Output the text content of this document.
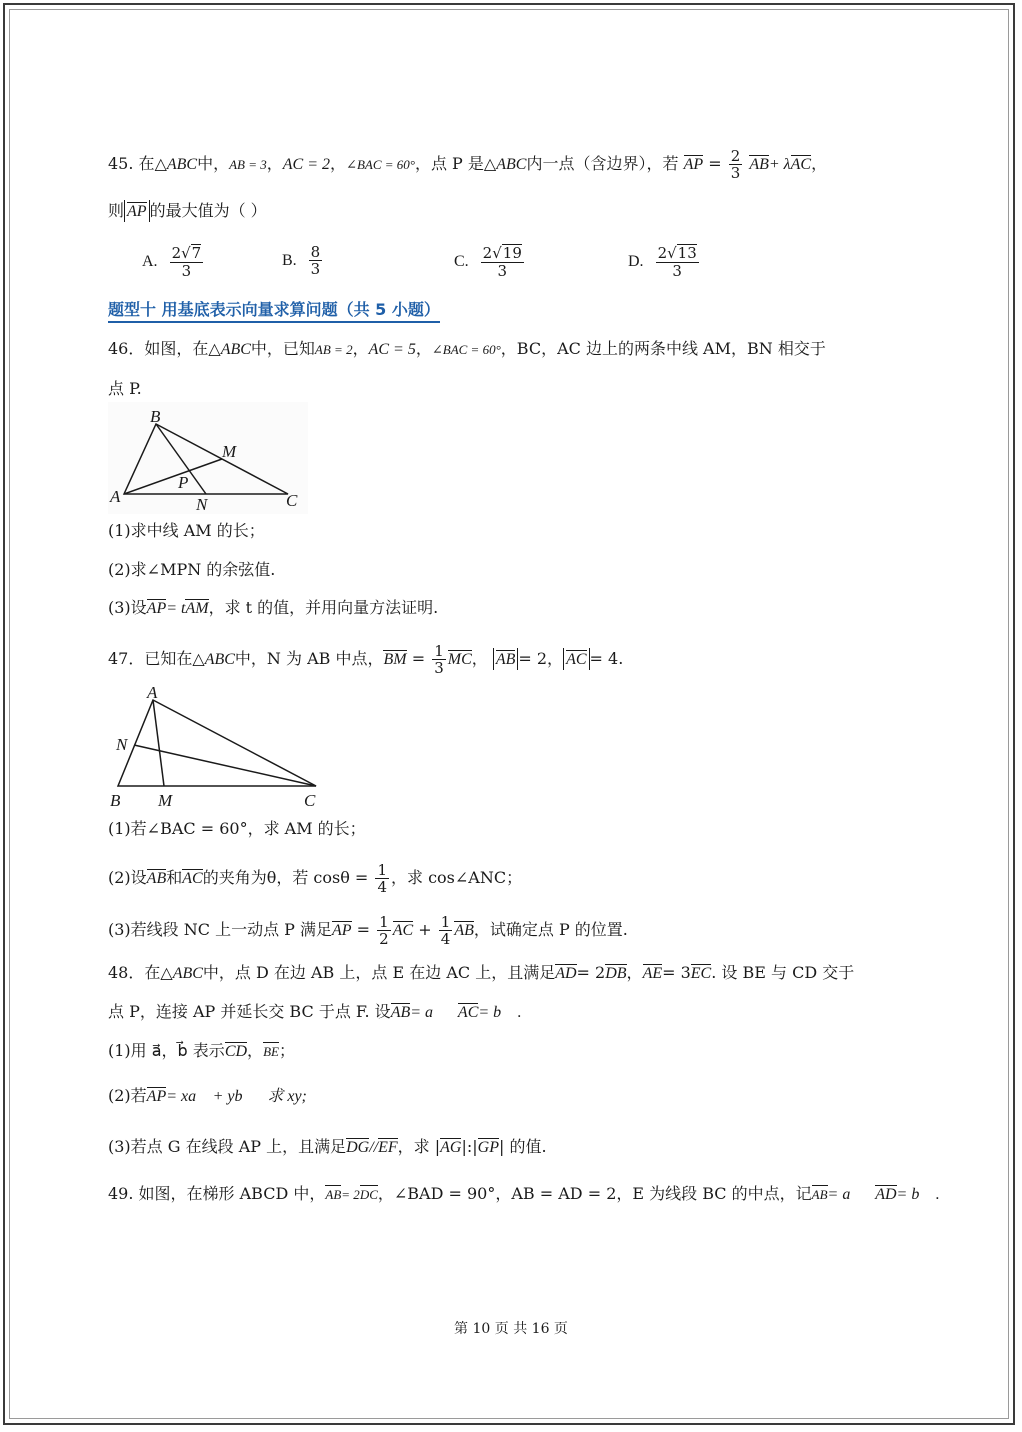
45. 在△ABC中，AB = 3，AC = 2，∠BAC = 60°，点 P 是△ABC内一点（含边界），若 AP = $\frac{2}{3} AB+ \lambda AC$，
则 AP 的最大值为（ ）
A. $\frac{2√7}{3}$	B. $\frac{8}{3}$	C. $\frac{2√19}{3}$	D. $\frac{2√13}{3}$
题型十 用基底表示向量求算问题（共 5 小题）
46．如图，在△ABC中，已知AB = 2，AC = 5，∠BAC = 60°，BC，AC 边上的两条中线 AM，BN 相交于
点 P.
B
M
P
A	N	C
(1)求中线 AM 的长；
(2)求∠MPN 的余弦值.
(3)设AP= tAM，求 t 的值，并用向量方法证明.
47．已知在△ABC中，N 为 AB 中点，BM = $\frac{1}{3}$ MC， AB = 2， AC = 4.
A
N
B M	C
(1)若∠BAC = 60°，求 AM 的长；
(2)设AB和AC的夹角为θ，若 $\cos\theta = \frac{1}{4}$ ，求 cos∠ANC；
(3)若线段 NC 上一动点 P 满足AP = $\frac{1}{2}$ AC + $\frac{1}{4}$ AB，试确定点 P 的位置.
48．在△ABC中，点 D 在边 AB 上，点 E 在边 AC 上，且满足AD= 2DB，AE= 3EC. 设 BE 与 CD 交于
点 P，连接 AP 并延长交 BC 于点 F. 设AB= a⃗，AC= b⃗ .
(1)用 a⃗，b⃗ 表示CD，BE；
(2)若AP= xa⃗ + yb⃗，求 xy;
(3)若点 G 在线段 AP 上，且满足DG//EF，求 |AG|:|GP| 的值.
49. 如图，在梯形 ABCD 中，AB= 2DC，∠BAD = 90°，AB = AD = 2，E 为线段 BC 的中点，记AB= a⃗，AD= b⃗ .
第 10 页 共 16 页
